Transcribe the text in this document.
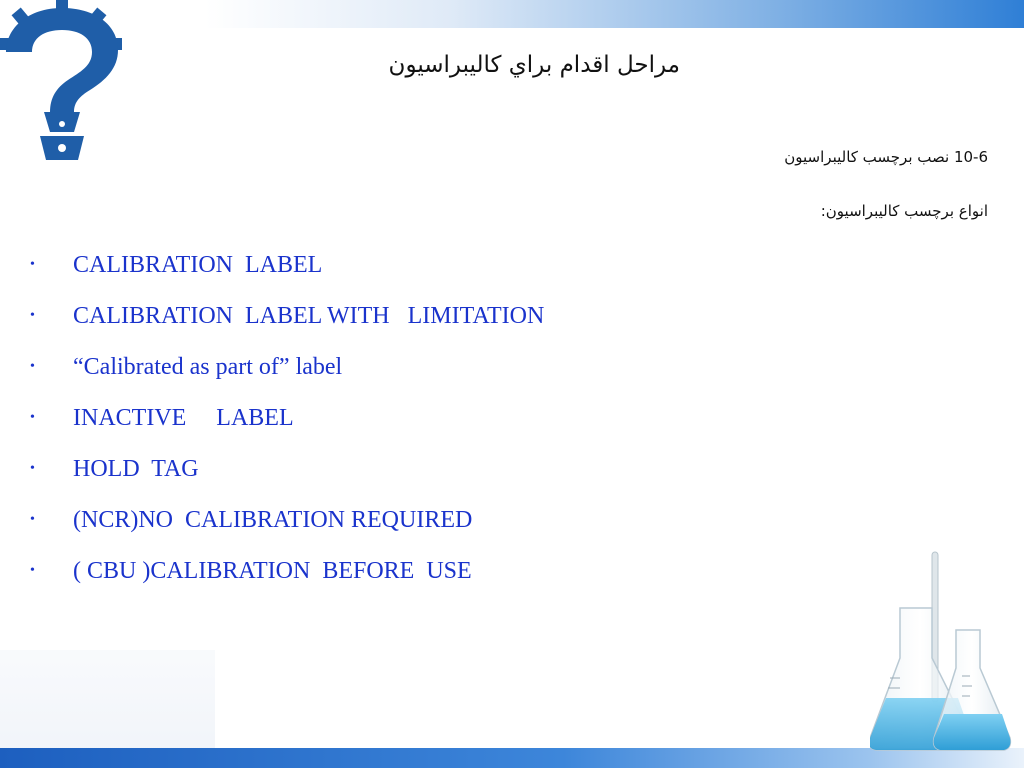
مراحل اقدام براي كاليبراسيون
10-6 نصب برچسب کالیبراسیون
انواع برچسب کالیبراسیون:
•	CALIBRATION  LABEL
•	CALIBRATION  LABEL WITH   LIMITATION
•	“Calibrated as part of” label
•	INACTIVE     LABEL
•	HOLD  TAG
•	(NCR)NO  CALIBRATION REQUIRED
•	( CBU )CALIBRATION  BEFORE  USE
